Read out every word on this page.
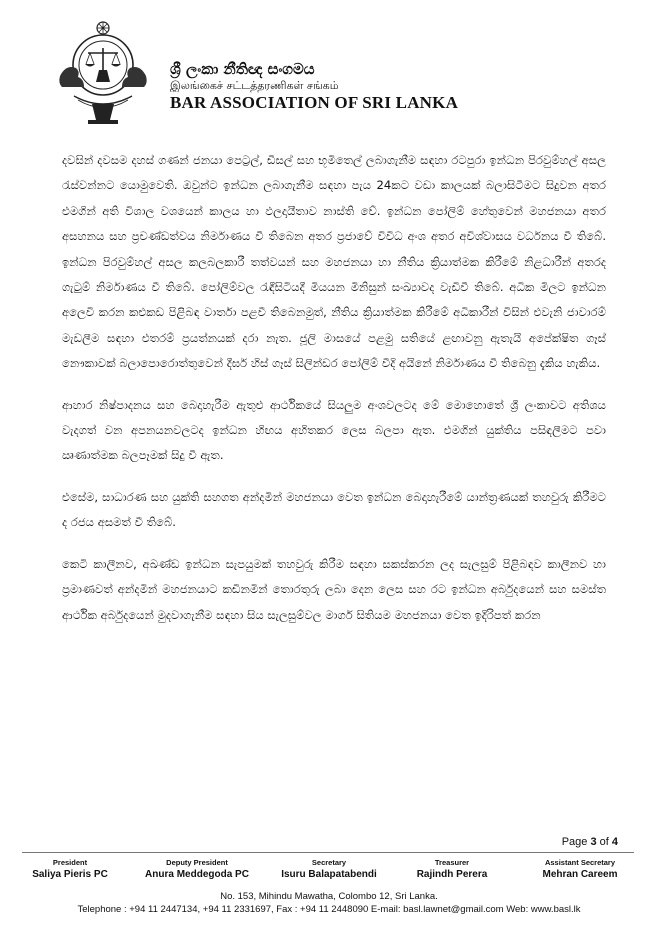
ශ්‍රී ලංකා නීතිඥ සංගමය
இலங்கைச் சட்டத்தரணிகள் சங்கம்
BAR ASSOCIATION OF SRI LANKA

දවසින් දවසම දහස් ගණන් ජනයා පෙට්‍රල්, ඩීසල් සහ භූමිතෙල් ලබාගැනීම සඳහා රටපුරා ඉන්ධන පිරවුම්හල් අසල රැස්වන්නට යොමුවෙති. ඔවුන්ට ඉන්ධන ලබාගැනීම සඳහා පැය 24කට වඩා කාලයක් බලාසිටීමට සිදුවන අතර එමගින් අති විශාල වශයෙන් කාලය හා ඵලදායීතාව නාස්ති වේ. ඉන්ධන පෝලිම් හේතුවෙන් මහජනයා අතර අසහනය සහ ප්‍රචණ්ඩත්වය නිර්මාණය වී තිබෙන අතර ප්‍රජාවේ විවිධ අංශ අතර අවිශ්වාසය වර්ධනය වී තිබේ. ඉන්ධන පිරවුම්හල් අසල කලබලකාරී තත්වයන් සහ මහජනයා හා නීතිය ක්‍රියාත්මක කිරීමේ නිළධාරීන් අතරද ගැටුම් නිර්මාණය වී තිබේ. පෝලිම්වල රැඳීසිටියදී මියයන මිනිසුන් සංඛ්‍යාවද වැඩිවී තිබේ. අධික මිලට ඉන්ධන අලෙවි කරන කළුකඩ පිළිබඳ වාර්තා පළවී තිබෙනමුත්, නීතිය ක්‍රියාත්මක කිරීමේ අධිකාරීන් විසින් එවැනි ජාවාරම් මැඩලීම සඳහා එතරම් ප්‍රයත්නයක් දරා නැත. ජූලි මාසයේ පළමු සතියේ ළඟාවනු ඇතැයි අපේක්ෂිත ගෑස් නෞකාවක් බලාපොරොත්තුවෙන් දීර්ඝ හිස් ගෑස් සිලින්ඩර පෝලිම් වීදි අයිනේ නිර්මාණය වී තිබෙනු දැකිය හැකිය.

ආහාර නිෂ්පාදනය සහ බෙදාහැරීම ඇතුළු ආර්ථිකයේ සියලුම අංශවලටද මේ මොහොතේ ශ්‍රී ලංකාවට අතිශය වැදගත් වන අපනයනවලටද ඉන්ධන හිඟය අහිතකර ලෙස බලපා ඇත. එමගින් යුක්තිය පසිඳලීමට පවා ඍණාත්මක බලපෑමක් සිදු වී ඇත.

එසේම, සාධාරණ සහ යුක්ති සහගත අන්දමින් මහජනයා වෙත ඉන්ධන බෙදාහැරීමේ යාන්ත්‍රණයක් තහවුරු කිරීමට ද රජය අසමත් වී තිබේ.

කෙටි කාලීනව, අඛණ්ඩ ඉන්ධන සැපයුමක් තහවුරු කිරීම සඳහා සකස්කරන ලද සැලසුම් පිළිබඳව කාලීනව හා ප්‍රමාණවත් අන්දමින් මහජනයාට කඩිනමින් තොරතුරු ලබා දෙන ලෙස සහ රට ඉන්ධන අර්බුදයෙන් සහ සමස්ත ආර්ථික අර්බුදයෙන් මුදවාගැනීම සඳහා සිය සැලසුම්වල මාර්ග සිතියම මහජනයා වෙත ඉදිරිපත් කරන

Page 3 of 4
President
Saliya Pieris PC
Deputy President
Anura Meddegoda PC
Secretary
Isuru Balapatabendi
Treasurer
Rajindh Perera
Assistant Secretary
Mehran Careem
No. 153, Mihindu Mawatha, Colombo 12, Sri Lanka.
Telephone : +94 11 2447134, +94 11 2331697, Fax : +94 11 2448090 E-mail: basl.lawnet@gmail.com Web: www.basl.lk
